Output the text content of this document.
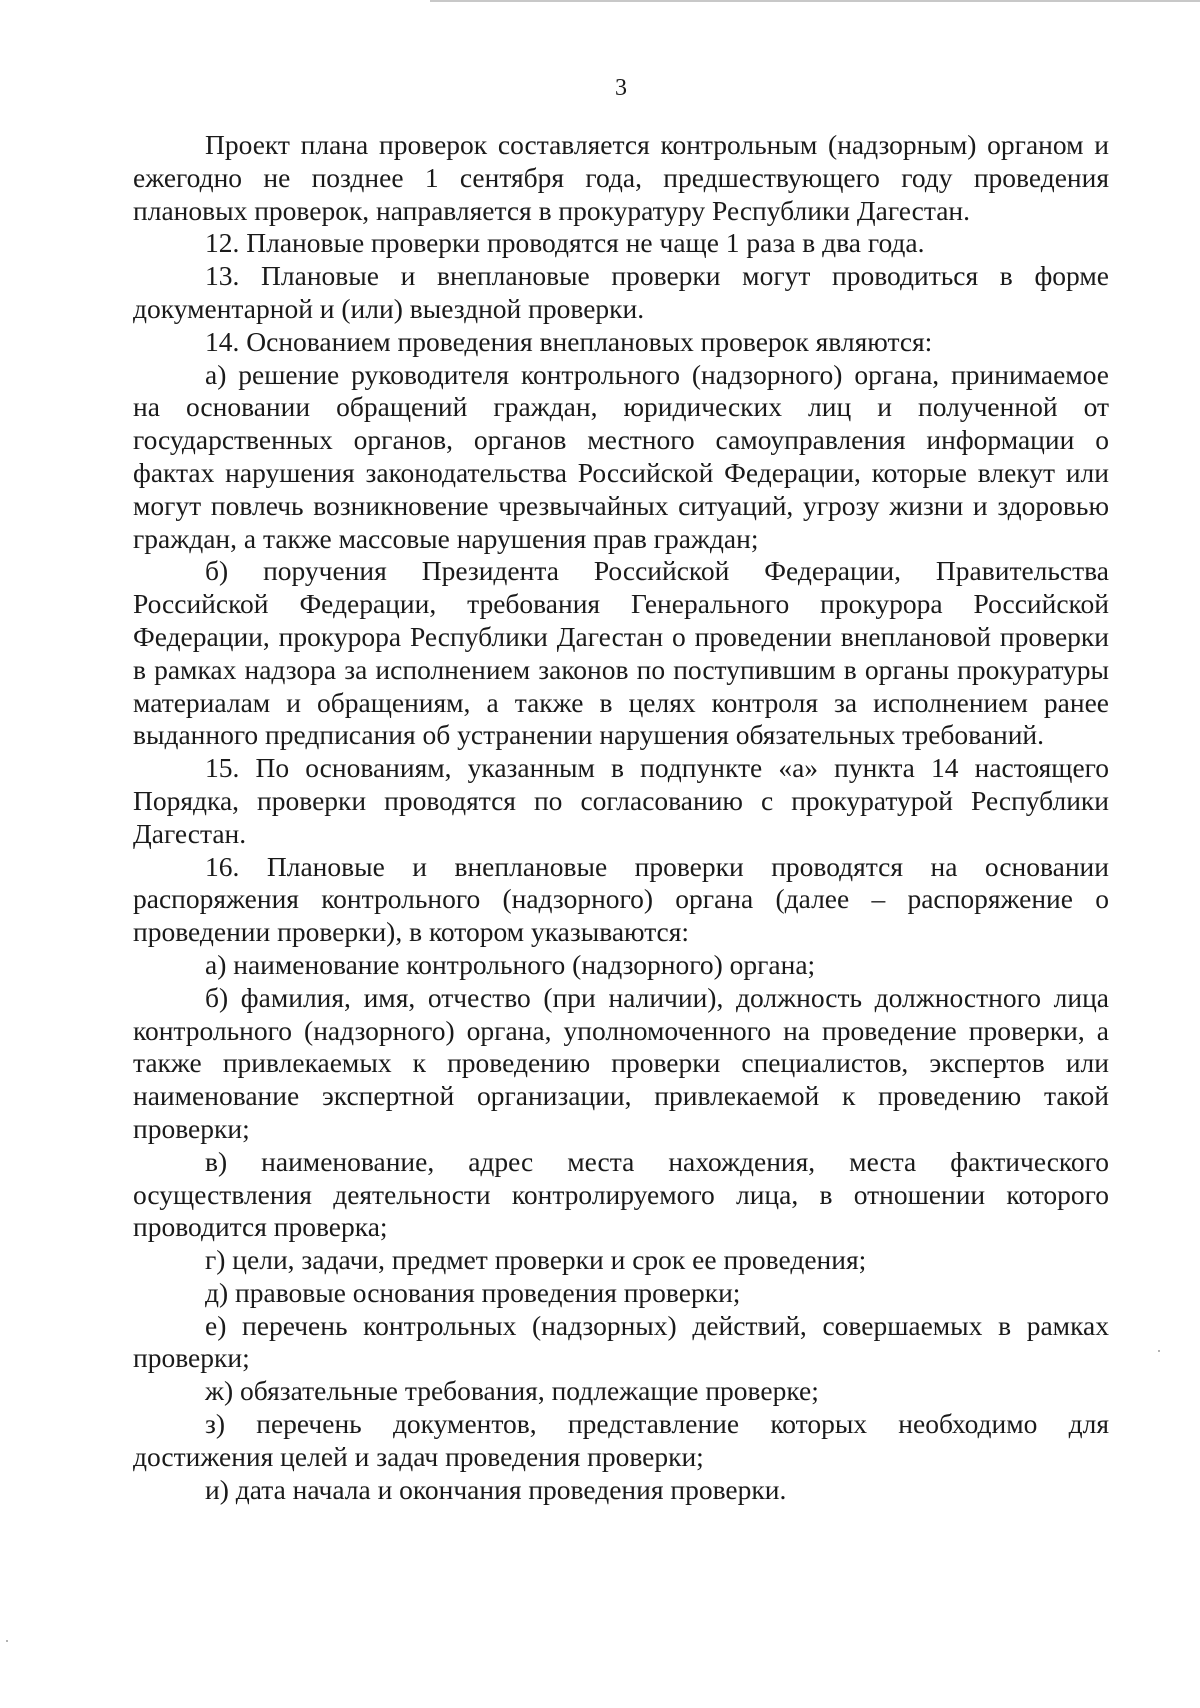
3

Проект плана проверок составляется контрольным (надзорным) органом и ежегодно не позднее 1 сентября года, предшествующего году проведения плановых проверок, направляется в прокуратуру Республики Дагестан.

12. Плановые проверки проводятся не чаще 1 раза в два года.

13. Плановые и внеплановые проверки могут проводиться в форме документарной и (или) выездной проверки.

14. Основанием проведения внеплановых проверок являются:

а) решение руководителя контрольного (надзорного) органа, принимаемое на основании обращений граждан, юридических лиц и полученной от государственных органов, органов местного самоуправления информации о фактах нарушения законодательства Российской Федерации, которые влекут или могут повлечь возникновение чрезвычайных ситуаций, угрозу жизни и здоровью граждан, а также массовые нарушения прав граждан;

б) поручения Президента Российской Федерации, Правительства Российской Федерации, требования Генерального прокурора Российской Федерации, прокурора Республики Дагестан о проведении внеплановой проверки в рамках надзора за исполнением законов по поступившим в органы прокуратуры материалам и обращениям, а также в целях контроля за исполнением ранее выданного предписания об устранении нарушения обязательных требований.

15. По основаниям, указанным в подпункте «а» пункта 14 настоящего Порядка, проверки проводятся по согласованию с прокуратурой Республики Дагестан.

16. Плановые и внеплановые проверки проводятся на основании распоряжения контрольного (надзорного) органа (далее – распоряжение о проведении проверки), в котором указываются:

а) наименование контрольного (надзорного) органа;

б) фамилия, имя, отчество (при наличии), должность должностного лица контрольного (надзорного) органа, уполномоченного на проведение проверки, а также привлекаемых к проведению проверки специалистов, экспертов или наименование экспертной организации, привлекаемой к проведению такой проверки;

в) наименование, адрес места нахождения, места фактического осуществления деятельности контролируемого лица, в отношении которого проводится проверка;

г) цели, задачи, предмет проверки и срок ее проведения;

д) правовые основания проведения проверки;

е) перечень контрольных (надзорных) действий, совершаемых в рамках проверки;

ж) обязательные требования, подлежащие проверке;

з) перечень документов, представление которых необходимо для достижения целей и задач проведения проверки;

и) дата начала и окончания проведения проверки.
